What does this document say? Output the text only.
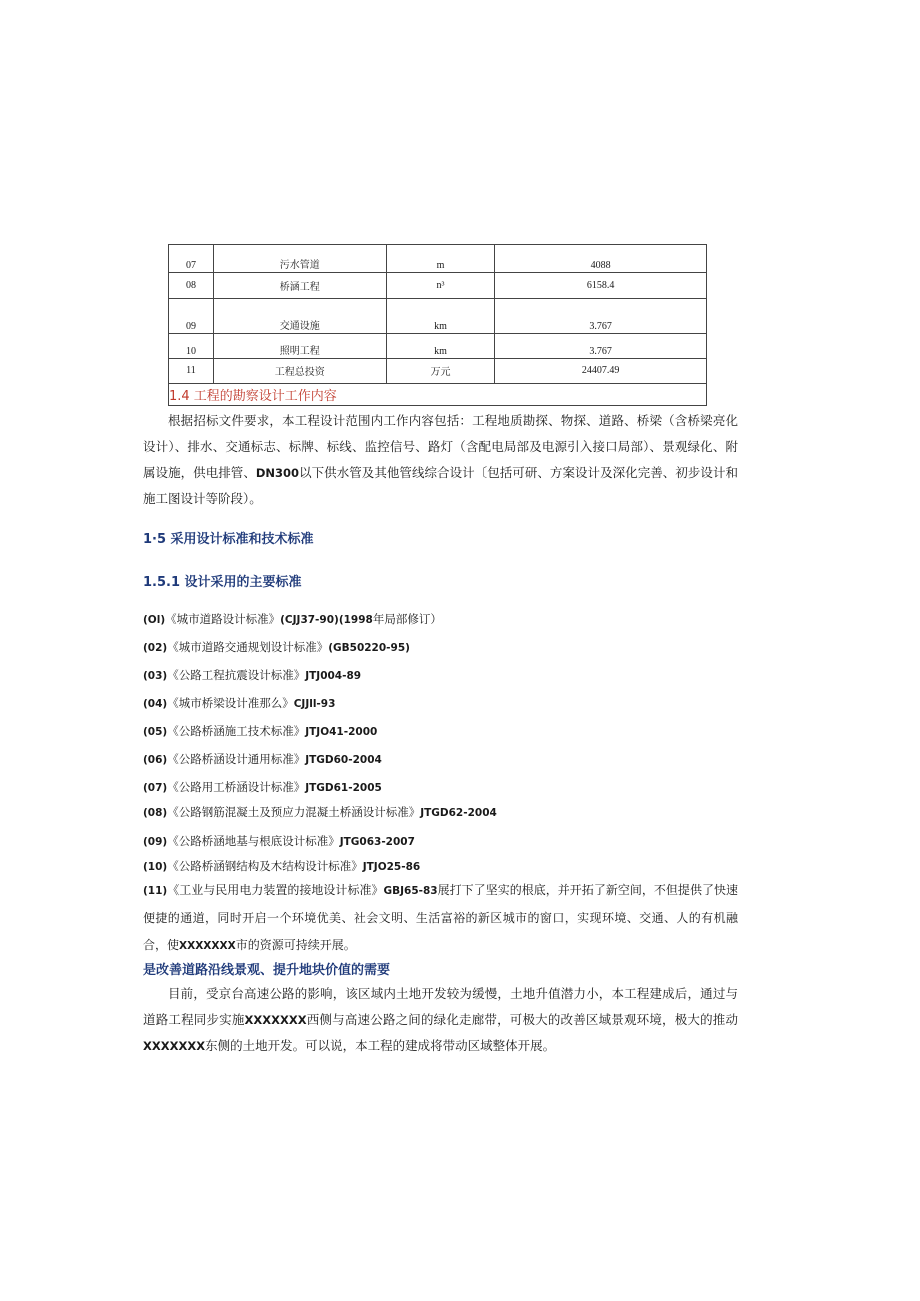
07	污水管道	m	4088
08	桥涵工程	n³	6158.4
09	交通设施	km	3.767
10	照明工程	km	3.767
11	工程总投资	万元	24407.49
1.4 工程的勘察设计工作内容			

根据招标文件要求，本工程设计范围内工作内容包括：工程地质勘探、物探、道路、桥梁（含桥梁亮化设计）、排水、交通标志、标牌、标线、监控信号、路灯（含配电局部及电源引入接口局部）、景观绿化、附属设施，供电排管、DN300以下供水管及其他管线综合设计〔包括可研、方案设计及深化完善、初步设计和施工图设计等阶段）。

1·5 采用设计标准和技术标准
1.5.1 设计采用的主要标准
(Ol)《城市道路设计标准》(CJJ37-90)(1998年局部修订）
(02)《城市道路交通规划设计标准》(GB50220-95)
(03)《公路工程抗震设计标准》JTJ004-89
(04)《城市桥梁设计准那么》CJJll-93
(05)《公路桥涵施工技术标准》JTJO41-2000
(06)《公路桥涵设计通用标准》JTGD60-2004
(07)《公路用工桥涵设计标准》JTGD61-2005
(08)《公路钢筋混凝土及预应力混凝土桥涵设计标准》JTGD62-2004
(09)《公路桥涵地基与根底设计标准》JTG063-2007
(10)《公路桥涵钢结构及木结构设计标准》JTJO25-86

(11)《工业与民用电力装置的接地设计标准》GBJ65-83展打下了坚实的根底，并开拓了新空间，不但提供了快速便捷的通道，同时开启一个环境优美、社会文明、生活富裕的新区城市的窗口，实现环境、交通、人的有机融合，使XXXXXXX市的资源可持续开展。

是改善道路沿线景观、提升地块价值的需要

目前，受京台高速公路的影响，该区域内土地开发较为缓慢，土地升值潜力小，本工程建成后，通过与道路工程同步实施XXXXXXX西侧与高速公路之间的绿化走廊带，可极大的改善区域景观环境，极大的推动XXXXXXX东侧的土地开发。可以说，本工程的建成将带动区域整体开展。
